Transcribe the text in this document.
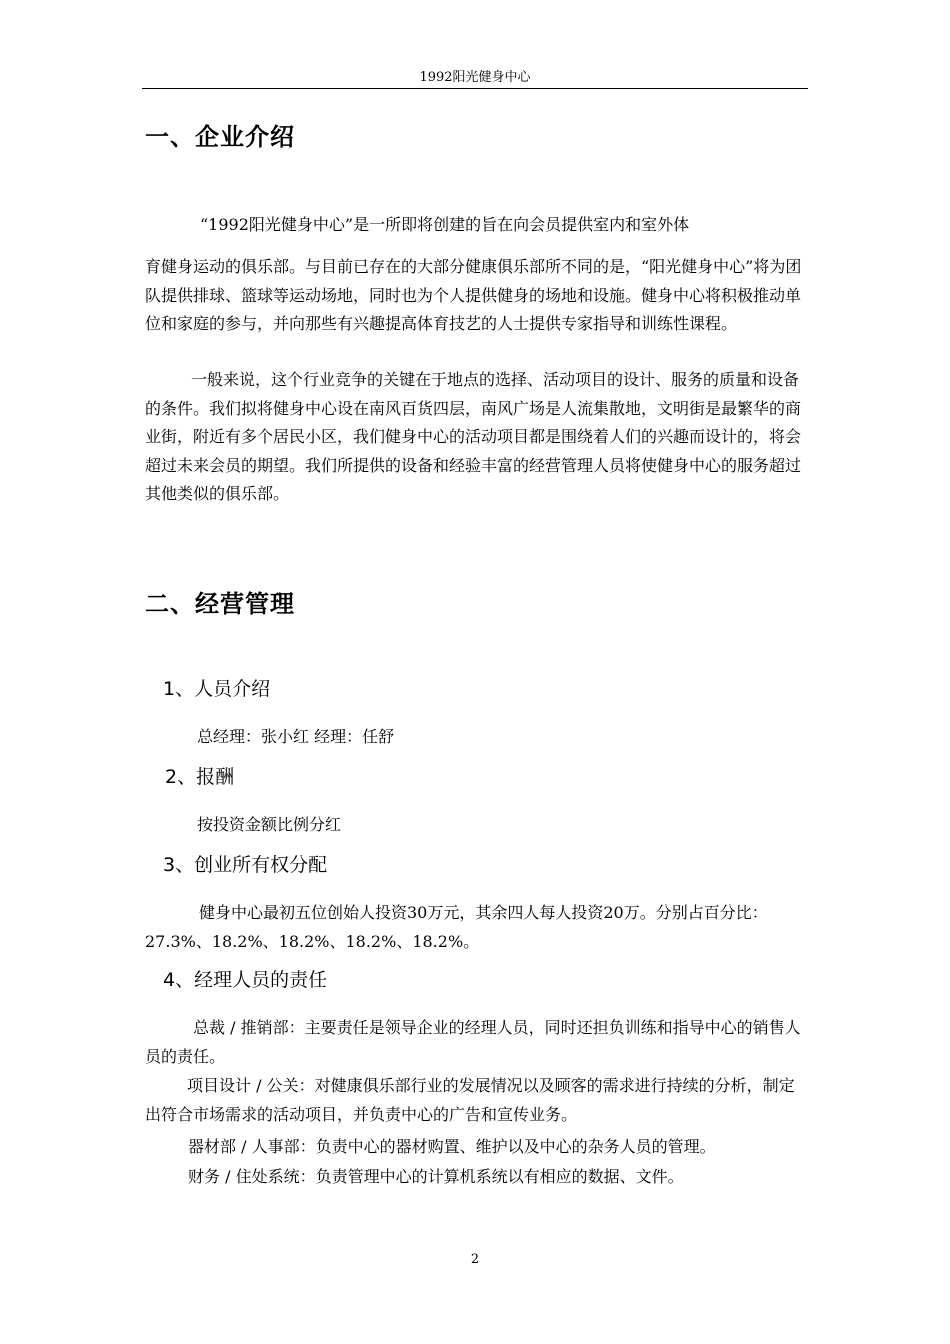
1992阳光健身中心
一、企业介绍
“1992阳光健身中心”是一所即将创建的旨在向会员提供室内和室外体

育健身运动的俱乐部。与目前已存在的大部分健康俱乐部所不同的是，“阳光健身中心”将为团队提供排球、篮球等运动场地，同时也为个人提供健身的场地和设施。健身中心将积极推动单位和家庭的参与，并向那些有兴趣提高体育技艺的人士提供专家指导和训练性课程。

一般来说，这个行业竞争的关键在于地点的选择、活动项目的设计、服务的质量和设备的条件。我们拟将健身中心设在南风百货四层，南风广场是人流集散地，文明街是最繁华的商业街，附近有多个居民小区，我们健身中心的活动项目都是围绕着人们的兴趣而设计的，将会超过未来会员的期望。我们所提供的设备和经验丰富的经营管理人员将使健身中心的服务超过其他类似的俱乐部。

二、经营管理
1、人员介绍
总经理：张小红 经理：任舒
2、报酬
按投资金额比例分红
3、创业所有权分配

健身中心最初五位创始人投资30万元，其余四人每人投资20万。分别占百分比：27.3%、18.2%、18.2%、18.2%、18.2%。

4、经理人员的责任

总裁 / 推销部：主要责任是领导企业的经理人员，同时还担负训练和指导中心的销售人员的责任。

项目设计 / 公关：对健康俱乐部行业的发展情况以及顾客的需求进行持续的分析，制定出符合市场需求的活动项目，并负责中心的广告和宣传业务。

器材部 / 人事部：负责中心的器材购置、维护以及中心的杂务人员的管理。
财务 / 住处系统：负责管理中心的计算机系统以有相应的数据、文件。
2
